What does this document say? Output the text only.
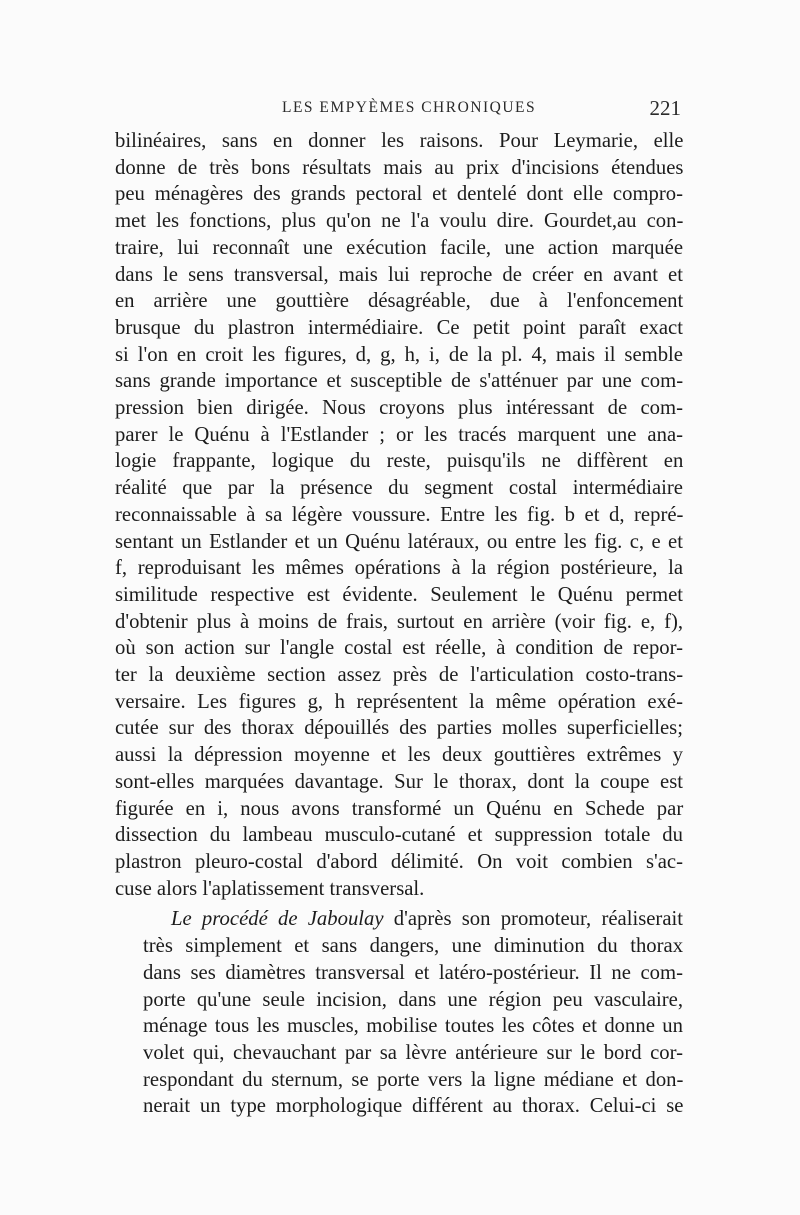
LES EMPYÈMES CHRONIQUES	221
bilinéaires, sans en donner les raisons. Pour Leymarie, elle
donne de très bons résultats mais au prix d'incisions étendues
peu ménagères des grands pectoral et dentelé dont elle compro-
met les fonctions, plus qu'on ne l'a voulu dire. Gourdet,au con-
traire, lui reconnaît une exécution facile, une action marquée
dans le sens transversal, mais lui reproche de créer en avant et
en arrière une gouttière désagréable, due à l'enfoncement
brusque du plastron intermédiaire. Ce petit point paraît exact
si l'on en croit les figures, d, g, h, i, de la pl. 4, mais il semble
sans grande importance et susceptible de s'atténuer par une com-
pression bien dirigée. Nous croyons plus intéressant de com-
parer le Quénu à l'Estlander ; or les tracés marquent une ana-
logie frappante, logique du reste, puisqu'ils ne diffèrent en
réalité que par la présence du segment costal intermédiaire
reconnaissable à sa légère voussure. Entre les fig. b et d, repré-
sentant un Estlander et un Quénu latéraux, ou entre les fig. c, e et
f, reproduisant les mêmes opérations à la région postérieure, la
similitude respective est évidente. Seulement le Quénu permet
d'obtenir plus à moins de frais, surtout en arrière (voir fig. e, f),
où son action sur l'angle costal est réelle, à condition de repor-
ter la deuxième section assez près de l'articulation costo-trans-
versaire. Les figures g, h représentent la même opération exé-
cutée sur des thorax dépouillés des parties molles superficielles;
aussi la dépression moyenne et les deux gouttières extrêmes y
sont-elles marquées davantage. Sur le thorax, dont la coupe est
figurée en i, nous avons transformé un Quénu en Schede par
dissection du lambeau musculo-cutané et suppression totale du
plastron pleuro-costal d'abord délimité. On voit combien s'ac-
cuse alors l'aplatissement transversal.
Le procédé de Jaboulay d'après son promoteur, réaliserait
très simplement et sans dangers, une diminution du thorax
dans ses diamètres transversal et latéro-postérieur. Il ne com-
porte qu'une seule incision, dans une région peu vasculaire,
ménage tous les muscles, mobilise toutes les côtes et donne un
volet qui, chevauchant par sa lèvre antérieure sur le bord cor-
respondant du sternum, se porte vers la ligne médiane et don-
nerait un type morphologique différent au thorax. Celui-ci se
